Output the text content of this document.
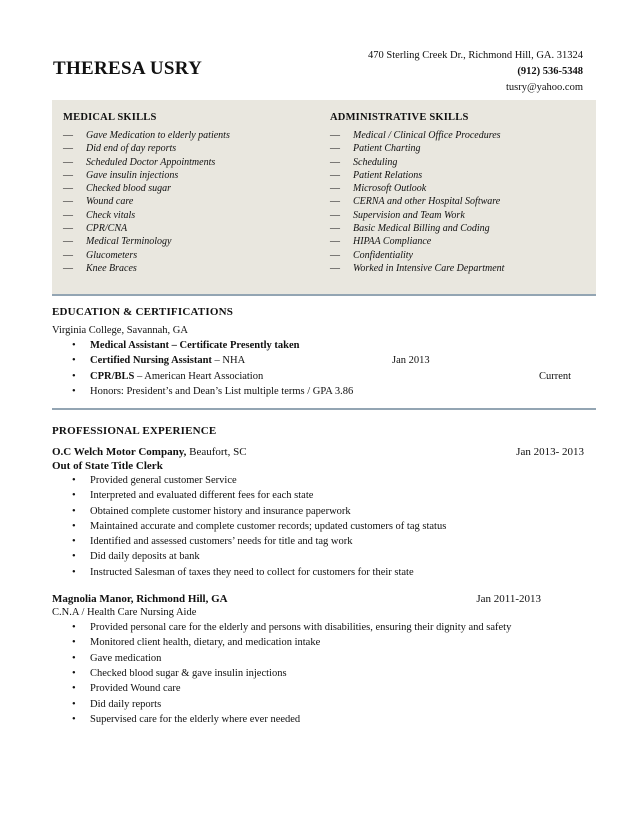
470 Sterling Creek Dr., Richmond Hill, GA. 31324
(912) 536-5348
tusry@yahoo.com
THERESA USRY
MEDICAL SKILLS
— Gave Medication to elderly patients
— Did end of day reports
— Scheduled Doctor Appointments
— Gave insulin injections
— Checked blood sugar
— Wound care
— Check vitals
— CPR/CNA
— Medical Terminology
— Glucometers
— Knee Braces
ADMINISTRATIVE SKILLS
— Medical / Clinical Office Procedures
— Patient Charting
— Scheduling
— Patient Relations
— Microsoft Outlook
— CERNA and other Hospital Software
— Supervision and Team Work
— Basic Medical Billing and Coding
— HIPAA Compliance
— Confidentiality
— Worked in Intensive Care Department
EDUCATION & CERTIFICATIONS
Virginia College, Savannah, GA
• Medical Assistant – Certificate Presently taken
• Certified Nursing Assistant – NHA	Jan 2013
• CPR/BLS – American Heart Association	Current
• Honors: President’s and Dean’s List multiple terms / GPA 3.86
PROFESSIONAL EXPERIENCE
O.C Welch Motor Company, Beaufort, SC	Jan 2013- 2013
Out of State Title Clerk
• Provided general customer Service
• Interpreted and evaluated different fees for each state
• Obtained complete customer history and insurance paperwork
• Maintained accurate and complete customer records; updated customers of tag status
• Identified and assessed customers’ needs for title and tag work
• Did daily deposits at bank
• Instructed Salesman of taxes they need to collect for customers for their state
Magnolia Manor, Richmond Hill, GA	Jan 2011-2013
C.N.A / Health Care Nursing Aide
• Provided personal care for the elderly and persons with disabilities, ensuring their dignity and safety
• Monitored client health, dietary, and medication intake
• Gave medication
• Checked blood sugar & gave insulin injections
• Provided Wound care
• Did daily reports
• Supervised care for the elderly where ever needed
